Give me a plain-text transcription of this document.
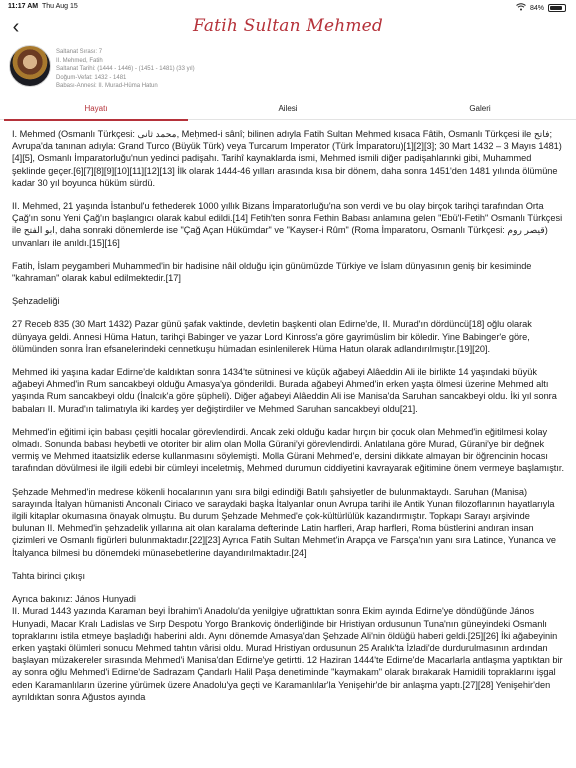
11:17 AM Thu Aug 15	84%
‹	Fatih Sultan Mehmed
Saltanat Sırası: 7
II. Mehmed, Fatih
Saltanat Tarihi: (1444 - 1446) - (1451 - 1481) (33 yıl)
Doğum-Vefat: 1432 - 1481
Babası-Annesi: II. Murad-Hüma Hatun
Hayatı	Ailesi	Galeri

I. Mehmed (Osmanlı Türkçesi: محمد ثانى, Meḥmed-i sânî; bilinen adıyla Fatih Sultan Mehmed kısaca Fâtih, Osmanlı Türkçesi ile فاتح; Avrupa'da tanınan adıyla: Grand Turco (Büyük Türk) veya Turcarum Imperator (Türk İmparatoru)[1][2][3]; 30 Mart 1432 – 3 Mayıs 1481)[4][5], Osmanlı İmparatorluğu'nun yedinci padişahı. Tarihî kaynaklarda ismi, Mehmed ismili diğer padişahlarınki gibi, Muhammed şeklinde geçer.[6][7][8][9][10][11][12][13] İlk olarak 1444-46 yılları arasında kısa bir dönem, daha sonra 1451'den 1481 yılında ölümüne kadar 30 yıl boyunca hüküm sürdü.

II. Mehmed, 21 yaşında İstanbul'u fethederek 1000 yıllık Bizans İmparatorluğu'na son verdi ve bu olay birçok tarihçi tarafından Orta Çağ'ın sonu Yeni Çağ'ın başlangıcı olarak kabul edildi.[14] Fetih'ten sonra Fethin Babası anlamına gelen "Ebü'l-Fetih" Osmanlı Türkçesi ile ابو الفتح, daha sonraki dönemlerde ise "Çağ Açan Hükümdar" ve "Kayser-i Rûm" (Roma İmparatoru, Osmanlı Türkçesi: قيصر روم) unvanları ile anıldı.[15][16]

Fatih, İslam peygamberi Muhammed'in bir hadisine nâil olduğu için günümüzde Türkiye ve İslam dünyasının geniş bir kesiminde "kahraman" olarak kabul edilmektedir.[17]

Şehzadeliği

27 Receb 835 (30 Mart 1432) Pazar günü şafak vaktinde, devletin başkenti olan Edirne'de, II. Murad'ın dördüncü[18] oğlu olarak dünyaya geldi. Annesi Hüma Hatun, tarihçi Babinger ve yazar Lord Kinross'a göre gayrimüslim bir köledir. Yine Babinger'e göre, ölümünden sonra İran efsanelerindeki cennetkuşu hümadan esinlenilerek Hüma Hatun olarak adlandırılmıştır.[19][20].

Mehmed iki yaşına kadar Edirne'de kaldıktan sonra 1434'te sütninesi ve küçük ağabeyi Alâeddin Ali ile birlikte 14 yaşındaki büyük ağabeyi Ahmed'in Rum sancakbeyi olduğu Amasya'ya gönderildi. Burada ağabeyi Ahmed'in erken yaşta ölmesi üzerine Mehmed altı yaşında Rum sancakbeyi oldu (İnalcık'a göre şüpheli). Diğer ağabeyi Alâeddin Ali ise Manisa'da Saruhan sancakbeyi oldu. İki yıl sonra babaları II. Murad'ın talimatıyla iki kardeş yer değiştirdiler ve Mehmed Saruhan sancakbeyi oldu[21].

Mehmed'in eğitimi için babası çeşitli hocalar görevlendirdi. Ancak zeki olduğu kadar hırçın bir çocuk olan Mehmed'in eğitilmesi kolay olmadı. Sonunda babası heybetli ve otoriter bir alim olan Molla Gürani'yi görevlendirdi. Anlatılana göre Murad, Gürani'ye bir değnek vermiş ve Mehmed itaatsizlik ederse kullanmasını söylemişti. Molla Gürani Mehmed'e, dersini dikkate almayan bir öğrencinin hocası tarafından dövülmesi ile ilgili edebi bir cümleyi inceletmiş, Mehmed durumun ciddiyetini kavrayarak eğitimine önem vermeye başlamıştır.

Şehzade Mehmed'in medrese kökenli hocalarının yanı sıra bilgi edindiği Batılı şahsiyetler de bulunmaktaydı. Saruhan (Manisa) sarayında İtalyan hümanisti Anconalı Ciriaco ve saraydaki başka İtalyanlar onun Avrupa tarihi ile Antik Yunan filozoflarının hayatlarıyla ilgili kitaplar okumasına önayak olmuştu. Bu durum Şehzade Mehmed'e çok-kültürlülük kazandırmıştır. Topkapı Sarayı arşivinde bulunan II. Mehmed'in şehzadelik yıllarına ait olan karalama defterinde Latin harfleri, Arap harfleri, Roma büstlerini andıran insan çizimleri ve Osmanlı figürleri bulunmaktadır.[22][23] Ayrıca Fatih Sultan Mehmet'in Arapça ve Farsça'nın yanı sıra Latince, Yunanca ve İtalyanca bilmesi bu dönemdeki münasebetlerine dayandırılmaktadır.[24]

Tahta birinci çıkışı

Ayrıca bakınız: János Hunyadi
II. Murad 1443 yazında Karaman beyi İbrahim'i Anadolu'da yenilgiye uğrattıktan sonra Ekim ayında Edirne'ye döndüğünde János Hunyadi, Macar Kralı Ladislas ve Sırp Despotu Yorgo Brankoviç önderliğinde bir Hristiyan ordusunun Tuna'nın güneyindeki Osmanlı topraklarını istila etmeye başladığı haberini aldı. Aynı dönemde Amasya'dan Şehzade Ali'nin öldüğü haberi geldi.[25][26] İki ağabeyinin erken yaştaki ölümleri sonucu Mehmed tahtın vârisi oldu. Murad Hristiyan ordusunun 25 Aralık'ta İzladi'de durdurulmasının ardından başlayan müzakereler sırasında Mehmed'i Manisa'dan Edirne'ye getirtti. 12 Haziran 1444'te Edirne'de Macarlarla antlaşma yaptıktan bir ay sonra oğlu Mehmed'i Edirne'de Sadrazam Çandarlı Halil Paşa denetiminde "kaymakam" olarak bırakarak Hamidili topraklarını işgal eden Karamanlıların üzerine yürümek üzere Anadolu'ya geçti ve Karamanlılar'la Yenişehir'de bir anlaşma yaptı.[27][28] Yenişehir'den ayrıldıktan sonra Ağustos ayında
